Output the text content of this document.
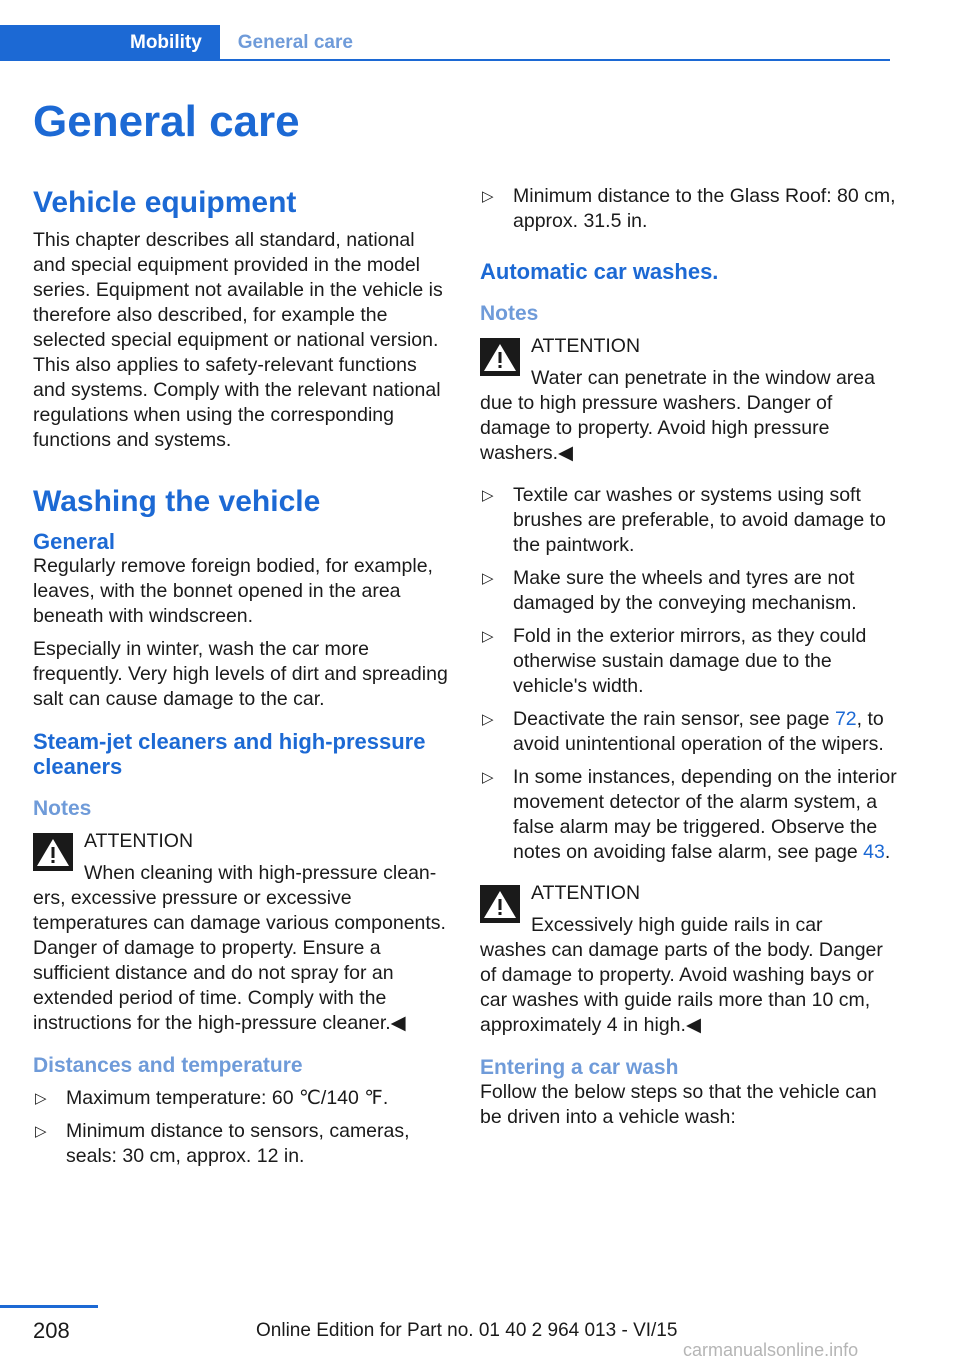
Mobility	General care
General care
Vehicle equipment

This chapter describes all standard, national and special equipment provided in the model series. Equipment not available in the vehicle is therefore also described, for example the selected special equipment or national version. This also applies to safety-relevant functions and systems. Comply with the relevant national regulations when using the corresponding functions and systems.

Washing the vehicle
General

Regularly remove foreign bodied, for example, leaves, with the bonnet opened in the area beneath with windscreen.

Especially in winter, wash the car more frequently. Very high levels of dirt and spreading salt can cause damage to the car.

Steam-jet cleaners and high-pressure cleaners
Notes
ATTENTION

When cleaning with high-pressure clean-

ers, excessive pressure or excessive temperatures can damage various components. Danger of damage to property. Ensure a sufficient distance and do not spray for an extended period of time. Comply with the instructions for the high-pressure cleaner.◀

Distances and temperature
▷ Maximum temperature: 60 ℃/140 ℉.
▷ Minimum distance to sensors, cameras, seals: 30 cm, approx. 12 in.
▷ Minimum distance to the Glass Roof: 80 cm, approx. 31.5 in.
Automatic car washes.
Notes
ATTENTION

Water can penetrate in the window area

due to high pressure washers. Danger of damage to property. Avoid high pressure washers.◀

▷ Textile car washes or systems using soft brushes are preferable, to avoid damage to the paintwork.
▷ Make sure the wheels and tyres are not damaged by the conveying mechanism.
▷ Fold in the exterior mirrors, as they could otherwise sustain damage due to the vehicle's width.
▷ Deactivate the rain sensor, see page 72, to avoid unintentional operation of the wipers.
▷ In some instances, depending on the interior movement detector of the alarm system, a false alarm may be triggered. Observe the notes on avoiding false alarm, see page 43.
ATTENTION

Excessively high guide rails in car

washes can damage parts of the body. Danger of damage to property. Avoid washing bays or car washes with guide rails more than 10 cm, approximately 4 in high.◀

Entering a car wash

Follow the below steps so that the vehicle can be driven into a vehicle wash:

208	Online Edition for Part no. 01 40 2 964 013 - VI/15
carmanualsonline.info
